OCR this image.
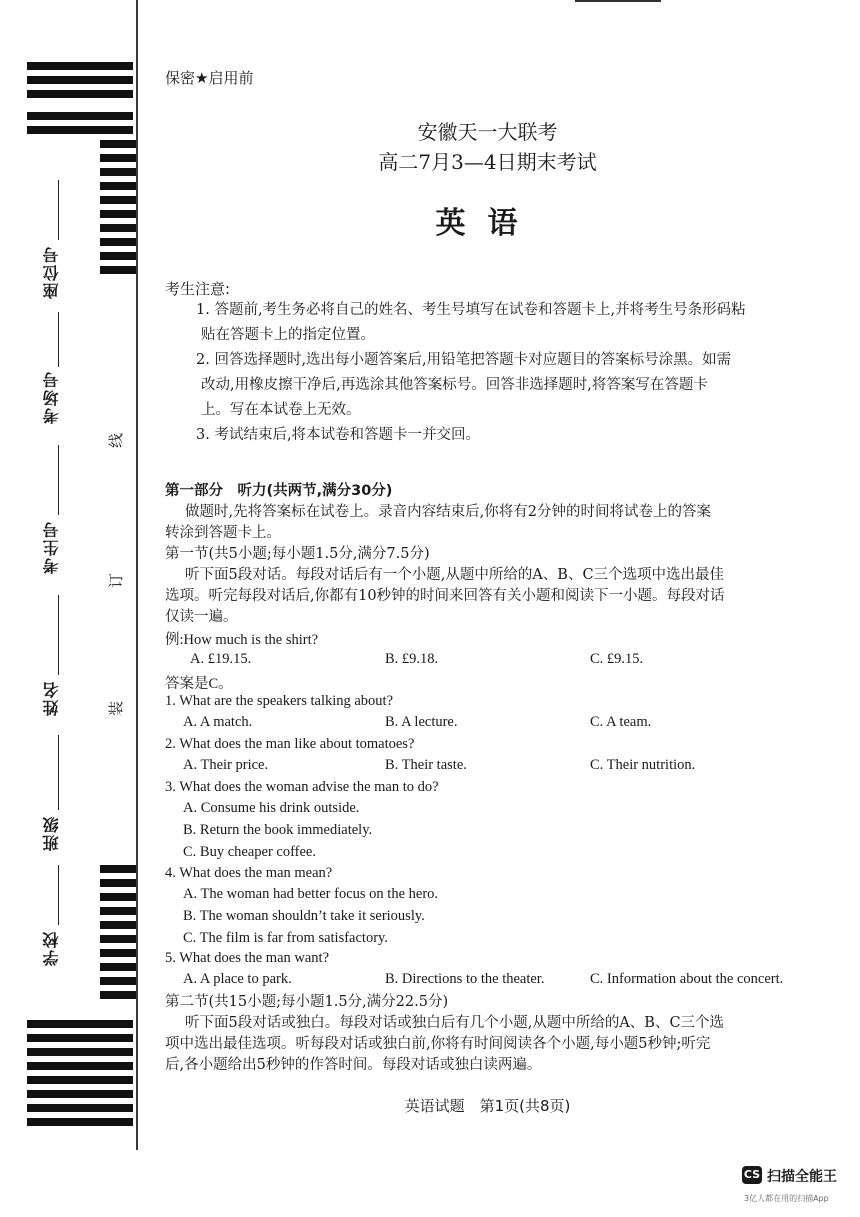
座位号
考场号
考生号
姓名
班级
学校
线
订
装
保密★启用前
安徽天一大联考
高二7月3—4日期末考试
英语
考生注意:
1. 答题前,考生务必将自己的姓名、考生号填写在试卷和答题卡上,并将考生号条形码粘
贴在答题卡上的指定位置。
2. 回答选择题时,选出每小题答案后,用铅笔把答题卡对应题目的答案标号涂黑。如需
改动,用橡皮擦干净后,再选涂其他答案标号。回答非选择题时,将答案写在答题卡
上。写在本试卷上无效。
3. 考试结束后,将本试卷和答题卡一并交回。
第一部分　听力(共两节,满分30分)
做题时,先将答案标在试卷上。录音内容结束后,你将有2分钟的时间将试卷上的答案
转涂到答题卡上。
第一节(共5小题;每小题1.5分,满分7.5分)
听下面5段对话。每段对话后有一个小题,从题中所给的A、B、C三个选项中选出最佳
选项。听完每段对话后,你都有10秒钟的时间来回答有关小题和阅读下一小题。每段对话
仅读一遍。
例:How much is the shirt?
A. £19.15.	B. £9.18.	C. £9.15.
答案是C。
1. What are the speakers talking about?
A. A match.	B. A lecture.	C. A team.
2. What does the man like about tomatoes?
A. Their price.	B. Their taste.	C. Their nutrition.
3. What does the woman advise the man to do?
A. Consume his drink outside.
B. Return the book immediately.
C. Buy cheaper coffee.
4. What does the man mean?
A. The woman had better focus on the hero.
B. The woman shouldn’t take it seriously.
C. The film is far from satisfactory.
5. What does the man want?
A. A place to park.	B. Directions to the theater.	C. Information about the concert.
第二节(共15小题;每小题1.5分,满分22.5分)
听下面5段对话或独白。每段对话或独白后有几个小题,从题中所给的A、B、C三个选
项中选出最佳选项。听每段对话或独白前,你将有时间阅读各个小题,每小题5秒钟;听完
后,各小题给出5秒钟的作答时间。每段对话或独白读两遍。
英语试题　第1页(共8页)
CS 扫描全能王
3亿人都在用的扫描App
